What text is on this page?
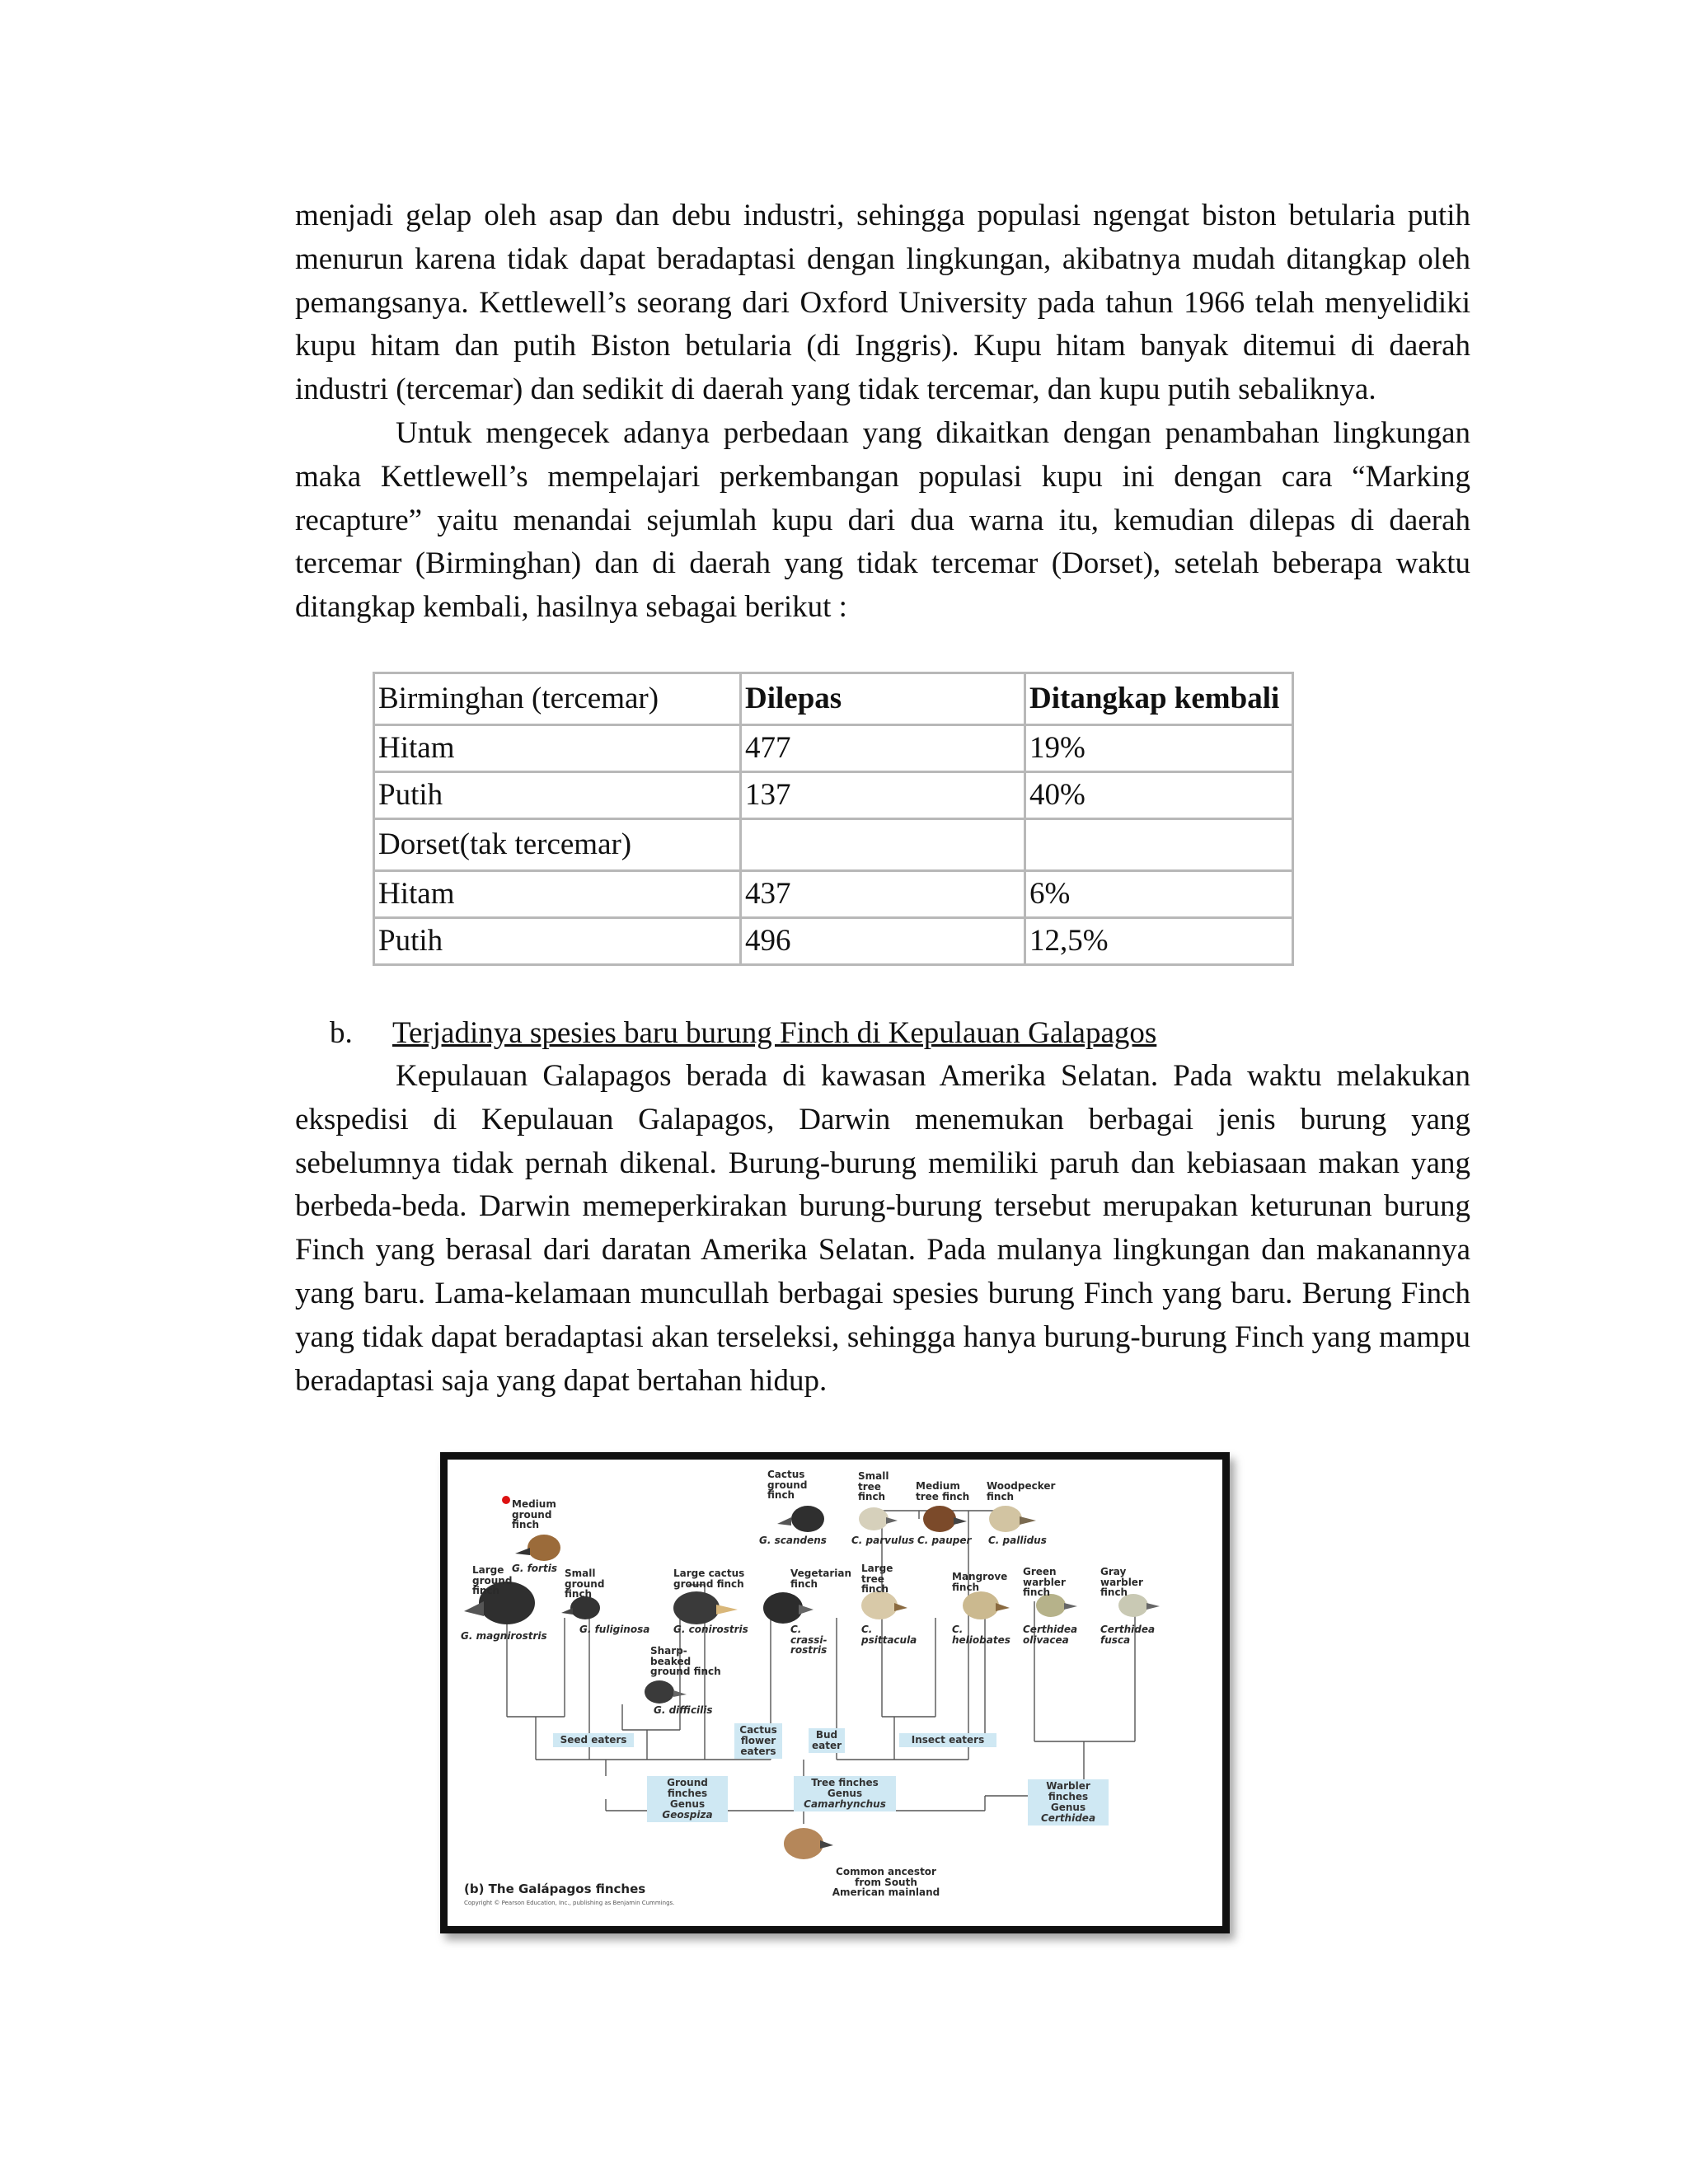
menjadi gelap oleh asap dan debu industri, sehingga populasi ngengat biston betularia putih menurun karena tidak dapat beradaptasi dengan lingkungan, akibatnya mudah ditangkap oleh pemangsanya. Kettlewell’s seorang dari Oxford University pada tahun 1966 telah menyelidiki kupu hitam dan putih Biston betularia (di Inggris). Kupu hitam banyak ditemui di daerah industri (tercemar) dan sedikit di daerah yang tidak tercemar, dan kupu putih sebaliknya.

Untuk mengecek adanya perbedaan yang dikaitkan dengan penambahan lingkungan maka Kettlewell’s mempelajari perkembangan populasi kupu ini dengan cara “Marking recapture” yaitu menandai sejumlah kupu dari dua warna itu, kemudian dilepas di daerah tercemar (Birminghan) dan di daerah yang tidak tercemar (Dorset), setelah beberapa waktu ditangkap kembali, hasilnya sebagai berikut :

Birminghan (tercemar)	Dilepas	Ditangkap kembali
Hitam	477	19%
Putih	137	40%
Dorset(tak tercemar)		
Hitam	437	6%
Putih	496	12,5%
b. Terjadinya spesies baru burung Finch di Kepulauan Galapagos

Kepulauan Galapagos berada di kawasan Amerika Selatan. Pada waktu melakukan ekspedisi di Kepulauan Galapagos, Darwin menemukan berbagai jenis burung yang sebelumnya tidak pernah dikenal. Burung-burung memiliki paruh dan kebiasaan makan yang berbeda-beda. Darwin memeperkirakan burung-burung tersebut merupakan keturunan burung Finch yang berasal dari daratan Amerika Selatan. Pada mulanya lingkungan dan makanannya yang baru. Lama-kelamaan muncullah berbagai spesies burung Finch yang baru. Berung Finch yang tidak dapat beradaptasi akan terseleksi, sehingga hanya burung-burung Finch yang mampu beradaptasi saja yang dapat bertahan hidup.

Medium ground finch
G. fortis
Large ground finch
G. magnirostris
Small ground finch
G. fuliginosa
Large cactus ground finch
G. conirostris
Cactus ground finch
G. scandens
Small tree finch
C. parvulus
Medium tree finch
C. pauper
Woodpecker finch
C. pallidus
Vegetarian finch
C. crassi-rostris
Large tree finch
C. psittacula
Mangrove finch
C. heliobates
Green warbler finch
Certhidea olivacea
Gray warbler finch
Certhidea fusca
Sharp-beaked ground finch
G. difficilis
Seed eaters
Cactus flower eaters
Bud eater	Insect eaters
Ground finches
Genus Geospiza
Tree finches
Genus Camarhynchus
Warbler finches
Genus Certhidea
Common ancestor from South American mainland
(b) The Galápagos finches
Copyright © Pearson Education, Inc., publishing as Benjamin Cummings.
